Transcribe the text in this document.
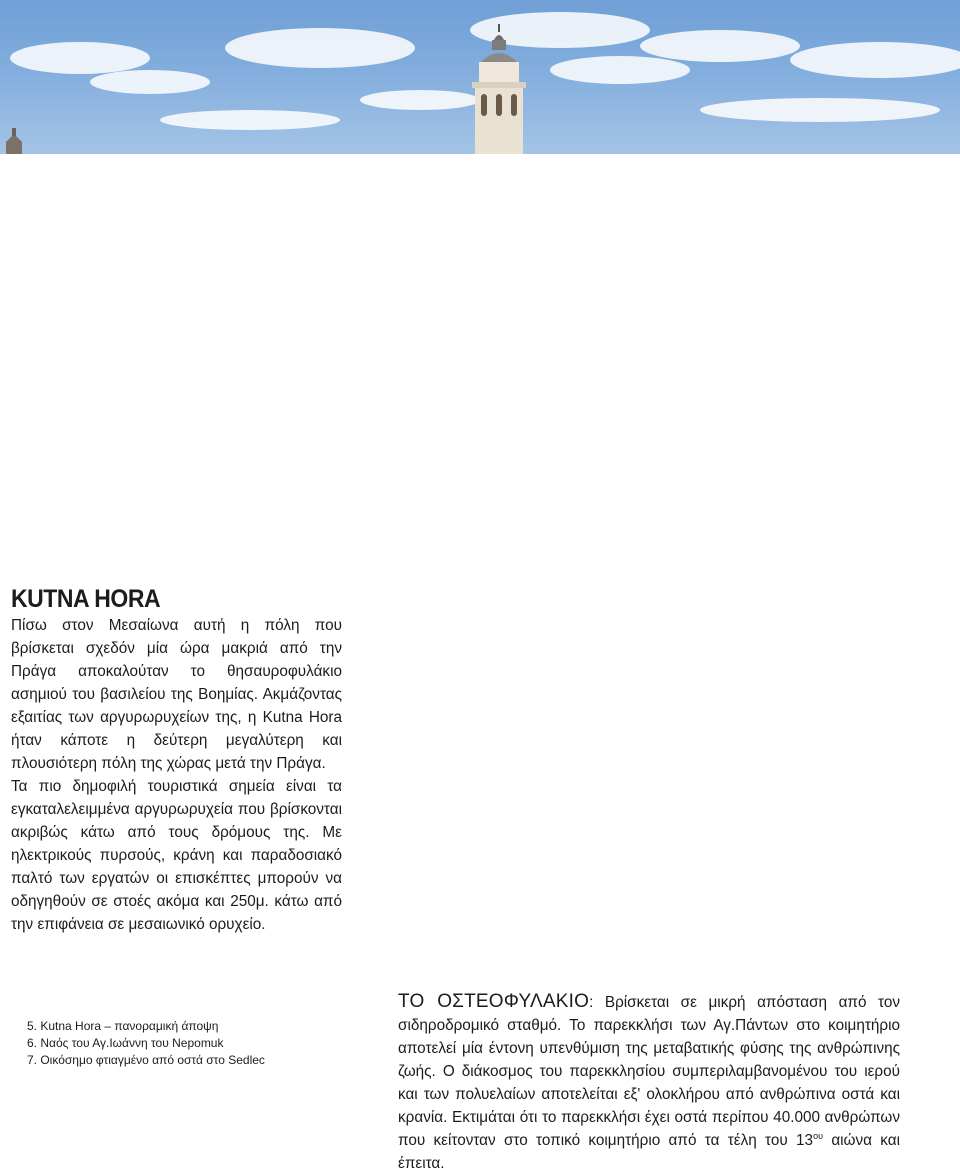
KUTNA HORA
Πίσω στον Μεσαίωνα αυτή η πόλη που βρίσκεται σχεδόν μία ώρα μακριά από την Πράγα αποκαλούταν το θησαυροφυλάκιο ασημιού του βασιλείου της Βοημίας. Ακμάζοντας εξαιτίας των αργυρωρυχείων της, η Kutna Hora ήταν κάποτε η δεύτερη μεγαλύτερη και πλουσιότερη πόλη της χώρας μετά την Πράγα.
Τα πιο δημοφιλή τουριστικά σημεία είναι τα εγκαταλελειμμένα αργυρωρυχεία που βρίσκονται ακριβώς κάτω από τους δρόμους της. Με ηλεκτρικούς πυρσούς, κράνη και παραδοσιακό παλτό των εργατών οι επισκέπτες μπορούν να οδηγηθούν σε στοές ακόμα και 250μ. κάτω από την επιφάνεια σε μεσαιωνικό ορυχείο.
5. Kutna Hora – πανοραμική άποψη
6. Ναός του Αγ.Ιωάννη του Nepomuk
7. Οικόσημο φτιαγμένο από οστά στο Sedlec

ΤΟ ΟΣΤΕΟΦΥΛΑΚΙΟ: Βρίσκεται σε μικρή απόσταση από τον σιδηροδρομικό σταθμό. Το παρεκκλήσι των Αγ.Πάντων στο κοιμητήριο αποτελεί μία έντονη υπενθύμιση της μεταβατικής φύσης της ανθρώπινης ζωής. Ο διάκοσμος του παρεκκλησίου συμπεριλαμβανομένου του ιερού και των πολυελαίων αποτελείται εξ' ολοκλήρου από ανθρώπινα οστά και κρανία. Εκτιμάται ότι το παρεκκλήσι έχει οστά περίπου 40.000 ανθρώπων που κείτονταν στο τοπικό κοιμητήριο από τα τέλη του $13^{o\upsilon}$ αιώνα και έπειτα.
